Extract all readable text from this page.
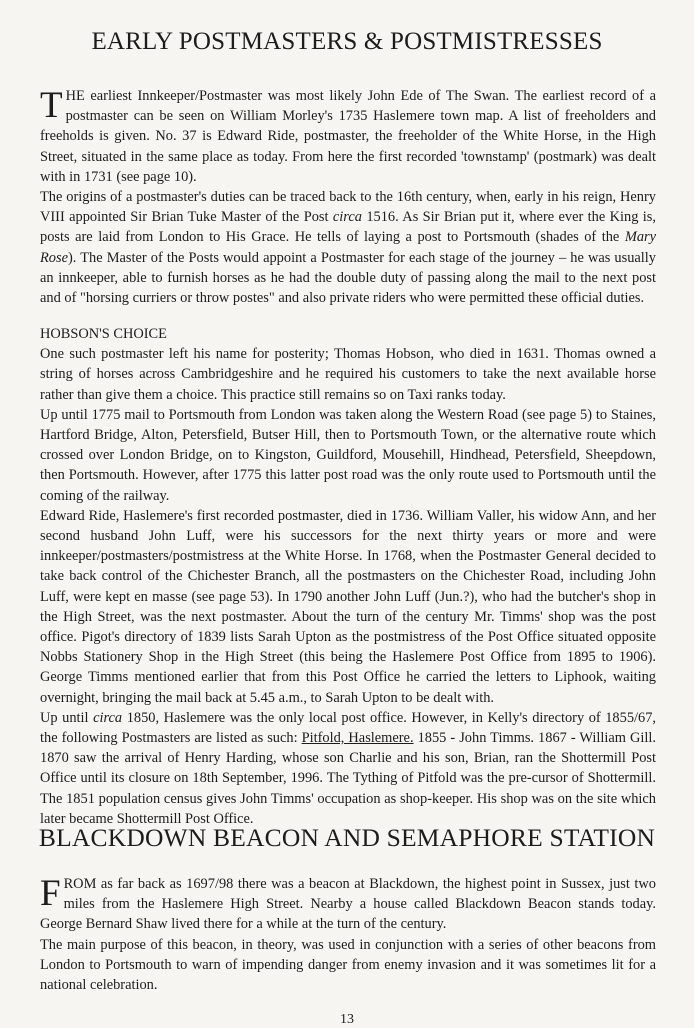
EARLY POSTMASTERS & POSTMISTRESSES

THE earliest Innkeeper/Postmaster was most likely John Ede of The Swan. The earliest record of a postmaster can be seen on William Morley's 1735 Haslemere town map. A list of freeholders and freeholds is given. No. 37 is Edward Ride, postmaster, the freeholder of the White Horse, in the High Street, situated in the same place as today. From here the first recorded 'townstamp' (postmark) was dealt with in 1731 (see page 10).

The origins of a postmaster's duties can be traced back to the 16th century, when, early in his reign, Henry VIII appointed Sir Brian Tuke Master of the Post circa 1516. As Sir Brian put it, where ever the King is, posts are laid from London to His Grace. He tells of laying a post to Portsmouth (shades of the Mary Rose). The Master of the Posts would appoint a Postmaster for each stage of the journey – he was usually an innkeeper, able to furnish horses as he had the double duty of passing along the mail to the next post and of "horsing curriers or throw postes" and also private riders who were permitted these official duties.

HOBSON'S CHOICE

One such postmaster left his name for posterity; Thomas Hobson, who died in 1631. Thomas owned a string of horses across Cambridgeshire and he required his customers to take the next available horse rather than give them a choice. This practice still remains so on Taxi ranks today.

Up until 1775 mail to Portsmouth from London was taken along the Western Road (see page 5) to Staines, Hartford Bridge, Alton, Petersfield, Butser Hill, then to Portsmouth Town, or the alternative route which crossed over London Bridge, on to Kingston, Guildford, Mousehill, Hindhead, Petersfield, Sheepdown, then Portsmouth. However, after 1775 this latter post road was the only route used to Portsmouth until the coming of the railway.

Edward Ride, Haslemere's first recorded postmaster, died in 1736. William Valler, his widow Ann, and her second husband John Luff, were his successors for the next thirty years or more and were innkeeper/postmasters/postmistress at the White Horse. In 1768, when the Postmaster General decided to take back control of the Chichester Branch, all the postmasters on the Chichester Road, including John Luff, were kept en masse (see page 53). In 1790 another John Luff (Jun.?), who had the butcher's shop in the High Street, was the next postmaster. About the turn of the century Mr. Timms' shop was the post office. Pigot's directory of 1839 lists Sarah Upton as the postmistress of the Post Office situated opposite Nobbs Stationery Shop in the High Street (this being the Haslemere Post Office from 1895 to 1906). George Timms mentioned earlier that from this Post Office he carried the letters to Liphook, waiting overnight, bringing the mail back at 5.45 a.m., to Sarah Upton to be dealt with.

Up until circa 1850, Haslemere was the only local post office. However, in Kelly's directory of 1855/67, the following Postmasters are listed as such: Pitfold, Haslemere. 1855 - John Timms. 1867 - William Gill. 1870 saw the arrival of Henry Harding, whose son Charlie and his son, Brian, ran the Shottermill Post Office until its closure on 18th September, 1996. The Tything of Pitfold was the pre-cursor of Shottermill. The 1851 population census gives John Timms' occupation as shop-keeper. His shop was on the site which later became Shottermill Post Office.

BLACKDOWN BEACON AND SEMAPHORE STATION

FROM as far back as 1697/98 there was a beacon at Blackdown, the highest point in Sussex, just two miles from the Haslemere High Street. Nearby a house called Blackdown Beacon stands today. George Bernard Shaw lived there for a while at the turn of the century.

The main purpose of this beacon, in theory, was used in conjunction with a series of other beacons from London to Portsmouth to warn of impending danger from enemy invasion and it was sometimes lit for a national celebration.

13
